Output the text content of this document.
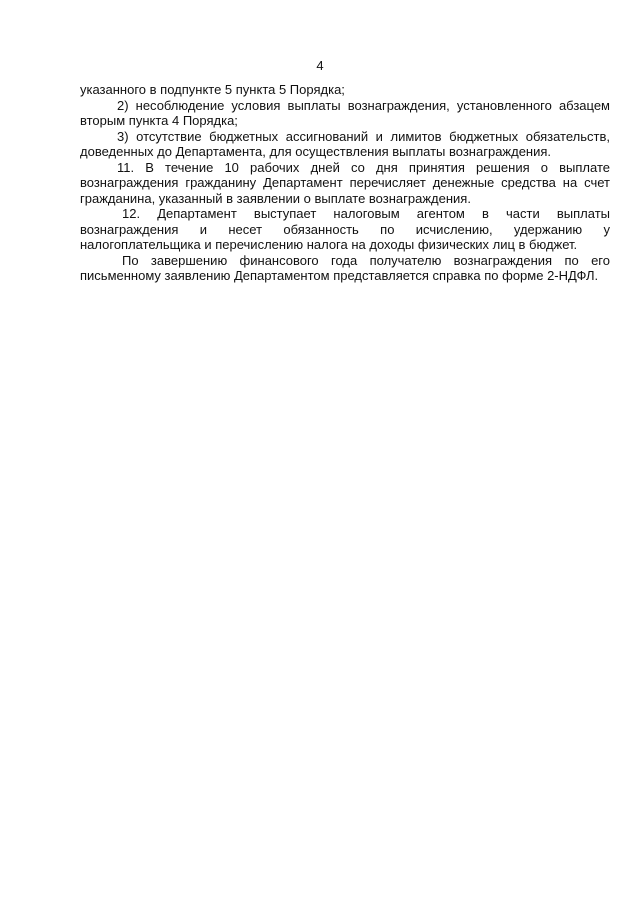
4

указанного в подпункте 5 пункта 5 Порядка;

2) несоблюдение условия выплаты вознаграждения, установленного абзацем вторым пункта 4 Порядка;

3) отсутствие бюджетных ассигнований и лимитов бюджетных обязательств, доведенных до Департамента, для осуществления выплаты вознаграждения.

11. В течение 10 рабочих дней со дня принятия решения о выплате вознаграждения гражданину Департамент перечисляет денежные средства на счет гражданина, указанный в заявлении о выплате вознаграждения.

12. Департамент выступает налоговым агентом в части выплаты вознаграждения и несет обязанность по исчислению, удержанию у налогоплательщика и перечислению налога на доходы физических лиц в бюджет.

По завершению финансового года получателю вознаграждения по его письменному заявлению Департаментом представляется справка по форме 2-НДФЛ.
